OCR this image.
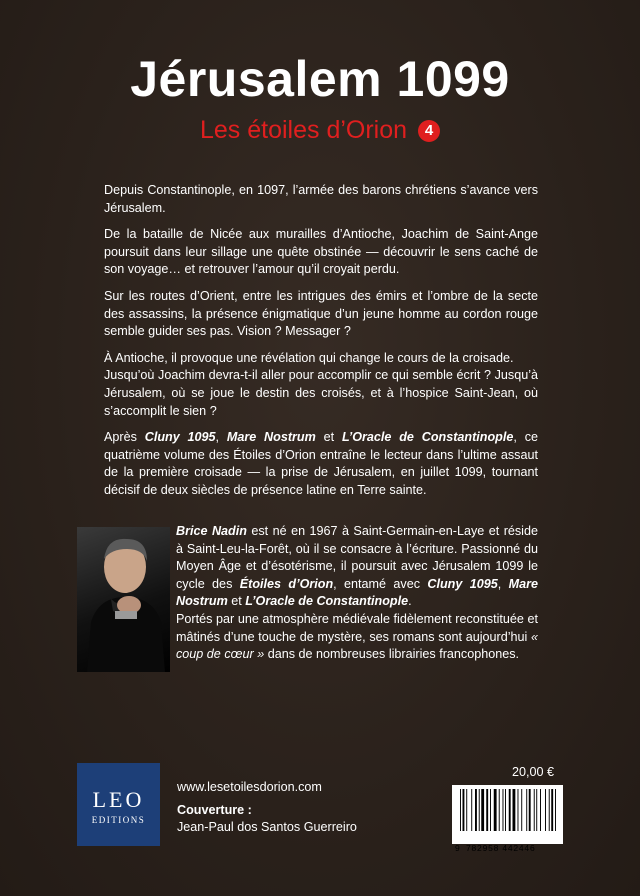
Jérusalem 1099
Les étoiles d’Orion 4

Depuis Constantinople, en 1097, l’armée des barons chrétiens s’avance vers Jérusalem.

De la bataille de Nicée aux murailles d’Antioche, Joachim de Saint-Ange poursuit dans leur sillage une quête obstinée — découvrir le sens caché de son voyage… et retrouver l’amour qu’il croyait perdu.

Sur les routes d’Orient, entre les intrigues des émirs et l’ombre de la secte des assassins, la présence énigmatique d’un jeune homme au cordon rouge semble guider ses pas. Vision ? Messager ?

À Antioche, il provoque une révélation qui change le cours de la croisade.

Jusqu’où Joachim devra-t-il aller pour accomplir ce qui semble écrit ? Jusqu’à Jérusalem, où se joue le destin des croisés, et à l’hospice Saint-Jean, où s’accomplit le sien ?

Après Cluny 1095, Mare Nostrum et L’Oracle de Constantinople, ce quatrième volume des Étoiles d’Orion entraîne le lecteur dans l’ultime assaut de la première croisade — la prise de Jérusalem, en juillet 1099, tournant décisif de deux siècles de présence latine en Terre sainte.

Brice Nadin est né en 1967 à Saint-Germain-en-Laye et réside à Saint-Leu-la-Forêt, où il se consacre à l’écriture. Passionné du Moyen Âge et d’ésotérisme, il poursuit avec Jérusalem 1099 le cycle des Étoiles d’Orion, entamé avec Cluny 1095, Mare Nostrum et L’Oracle de Constantinople.

Portés par une atmosphère médiévale fidèlement reconstituée et mâtinés d’une touche de mystère, ses romans sont aujourd’hui « coup de cœur » dans de nombreuses librairies francophones.

LEO
EDITIONS
www.lesetoilesdorion.com
Couverture :
Jean-Paul dos Santos Guerreiro
20,00 €
9 782958 442446
